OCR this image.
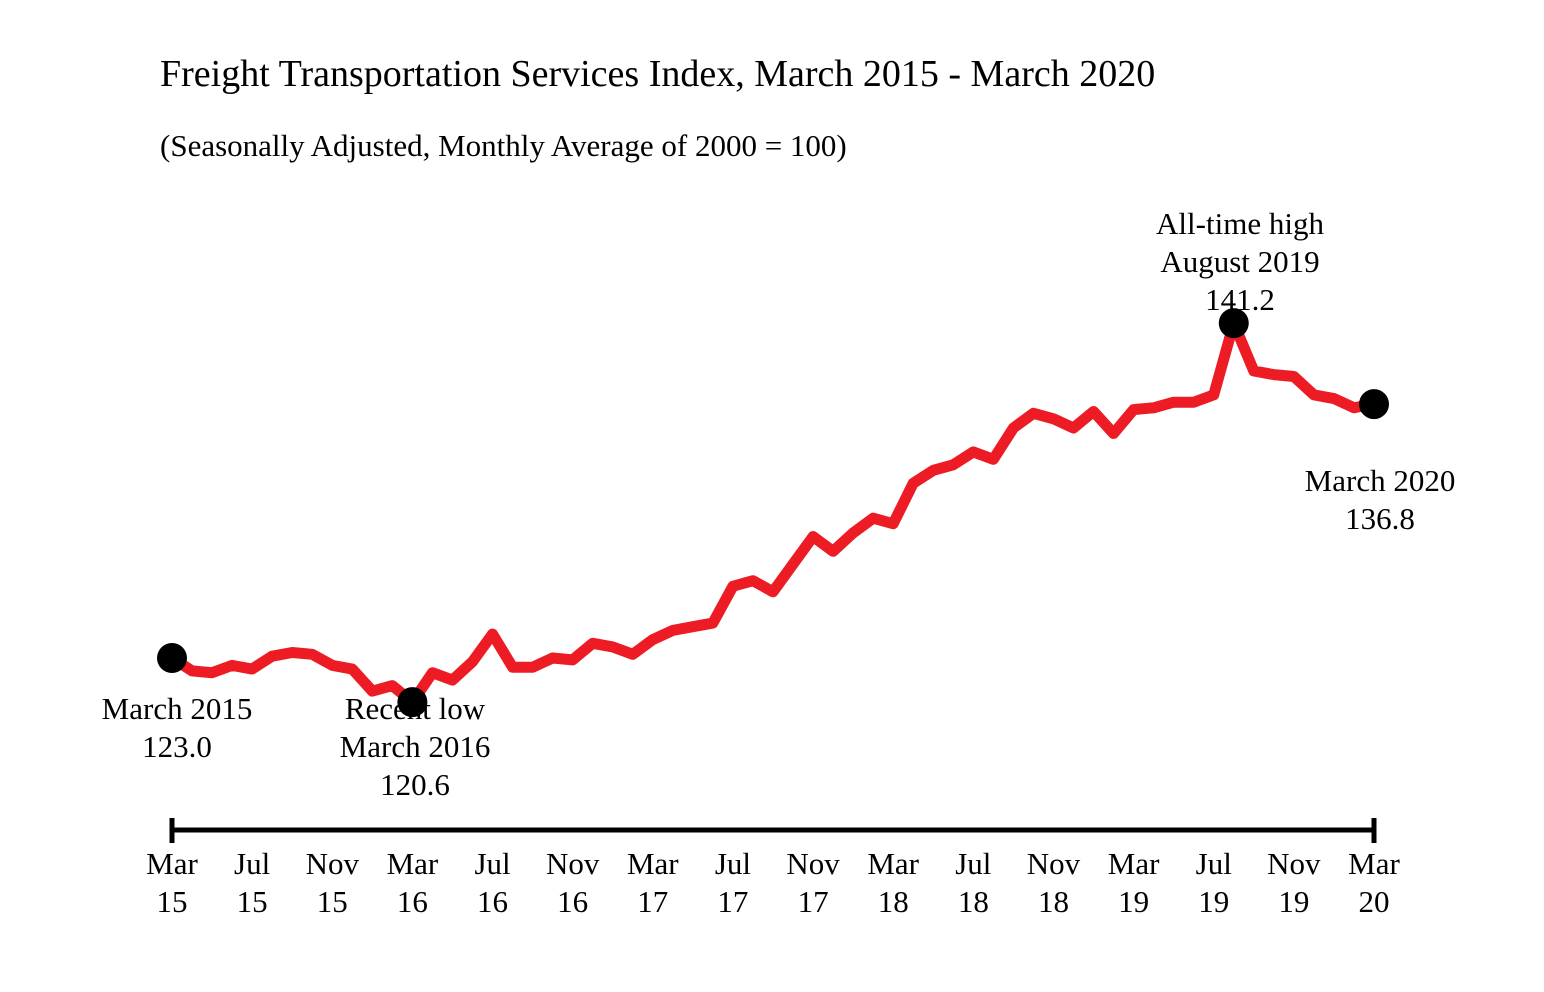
Freight Transportation Services Index, March 2015 - March 2020
(Seasonally Adjusted, Monthly Average of 2000 = 100)
All-time high
August 2019
141.2
March 2020
136.8
March 2015
123.0
Recent low
March 2016
120.6
Mar
15
Jul
15
Nov
15
Mar
16
Jul
16
Nov
16
Mar
17
Jul
17
Nov
17
Mar
18
Jul
18
Nov
18
Mar
19
Jul
19
Nov
19
Mar
20
